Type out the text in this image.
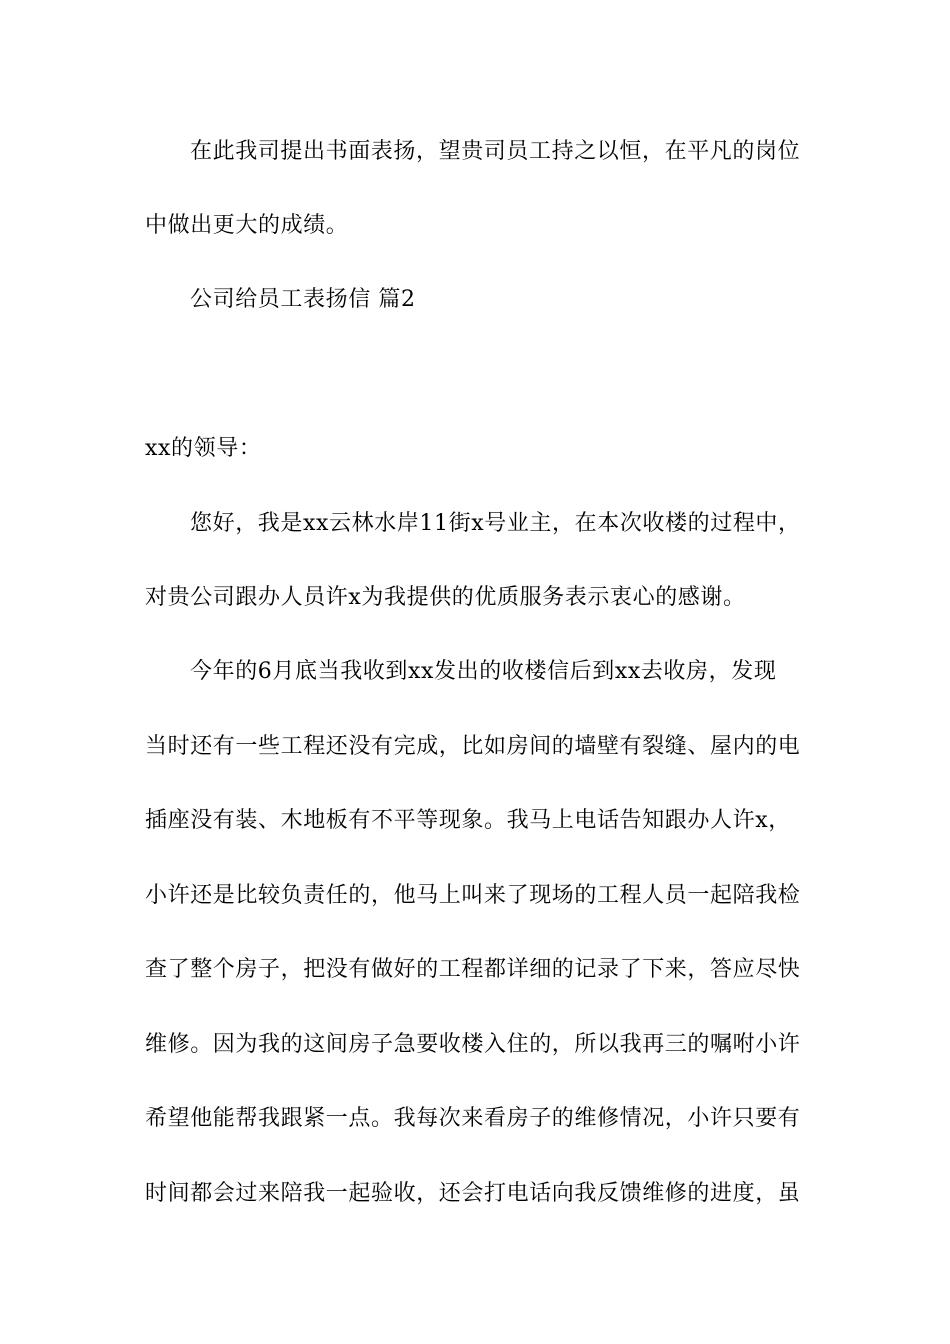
在此我司提出书面表扬，望贵司员工持之以恒，在平凡的岗位
中做出更大的成绩。
公司给员工表扬信 篇2
xx的领导：
您好，我是xx云林水岸11街x号业主，在本次收楼的过程中，
对贵公司跟办人员许x为我提供的优质服务表示衷心的感谢。
今年的6月底当我收到xx发出的收楼信后到xx去收房，发现
当时还有一些工程还没有完成，比如房间的墙壁有裂缝、屋内的电
插座没有装、木地板有不平等现象。我马上电话告知跟办人许x，
小许还是比较负责任的，他马上叫来了现场的工程人员一起陪我检
查了整个房子，把没有做好的工程都详细的记录了下来，答应尽快
维修。因为我的这间房子急要收楼入住的，所以我再三的嘱咐小许
希望他能帮我跟紧一点。我每次来看房子的维修情况，小许只要有
时间都会过来陪我一起验收，还会打电话向我反馈维修的进度，虽
